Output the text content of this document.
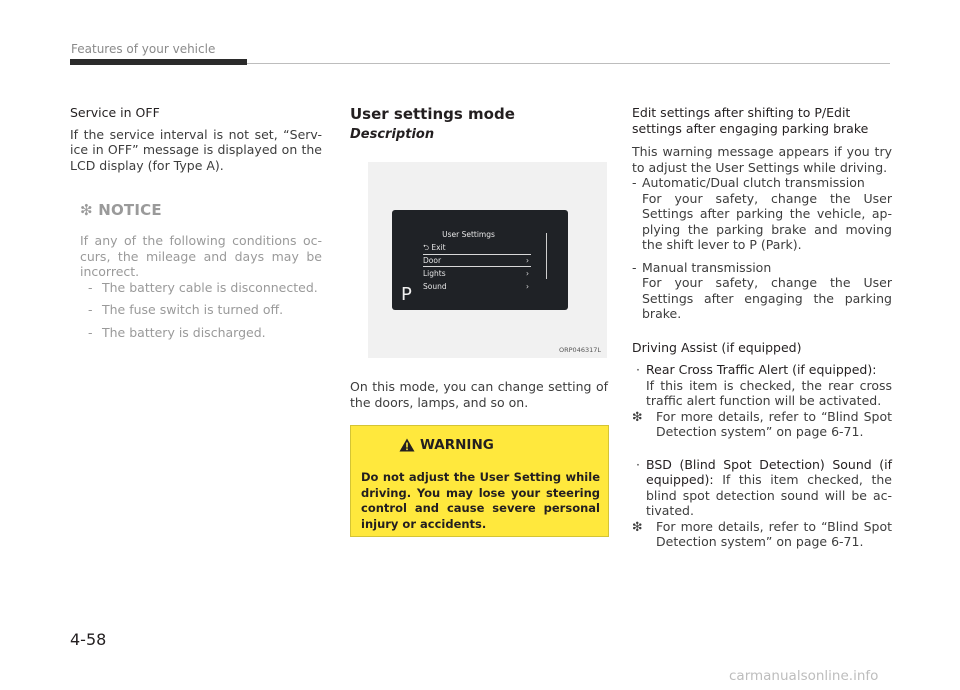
Features of your vehicle

Service in OFF

If the service interval is not set, “Serv-ice in OFF” message is displayed on the LCD display (for Type A).

❇ NOTICE

If any of the following conditions oc-curs, the mileage and days may be incorrect.

- The battery cable is disconnected.
- The fuse switch is turned off.
- The battery is discharged.
User settings mode
Description
User Settimgs
⮌ Exit
Door	›
Lights	›
Sound	›
P
ORP046317L

On this mode, you can change setting of the doors, lamps, and so on.

WARNING

Do not adjust the User Setting while driving. You may lose your steering control and cause severe personal injury or accidents.

Edit settings after shifting to P/Edit settings after engaging parking brake

This warning message appears if you try to adjust the User Settings while driving.

- Automatic/Dual clutch transmission

For your safety, change the User Settings after parking the vehicle, ap-plying the parking brake and moving the shift lever to P (Park).

- Manual transmission

For your safety, change the User Settings after engaging the parking brake.

Driving Assist (if equipped)

· Rear Cross Traffic Alert (if equipped):

If this item is checked, the rear cross traffic alert function will be activated.

❇	For more details, refer to “Blind Spot Detection system” on page 6-71.

· BSD (Blind Spot Detection) Sound (if equipped): If this item checked, the blind spot detection sound will be ac-tivated.

❇	For more details, refer to “Blind Spot Detection system” on page 6-71.

4-58
carmanualsonline.info
